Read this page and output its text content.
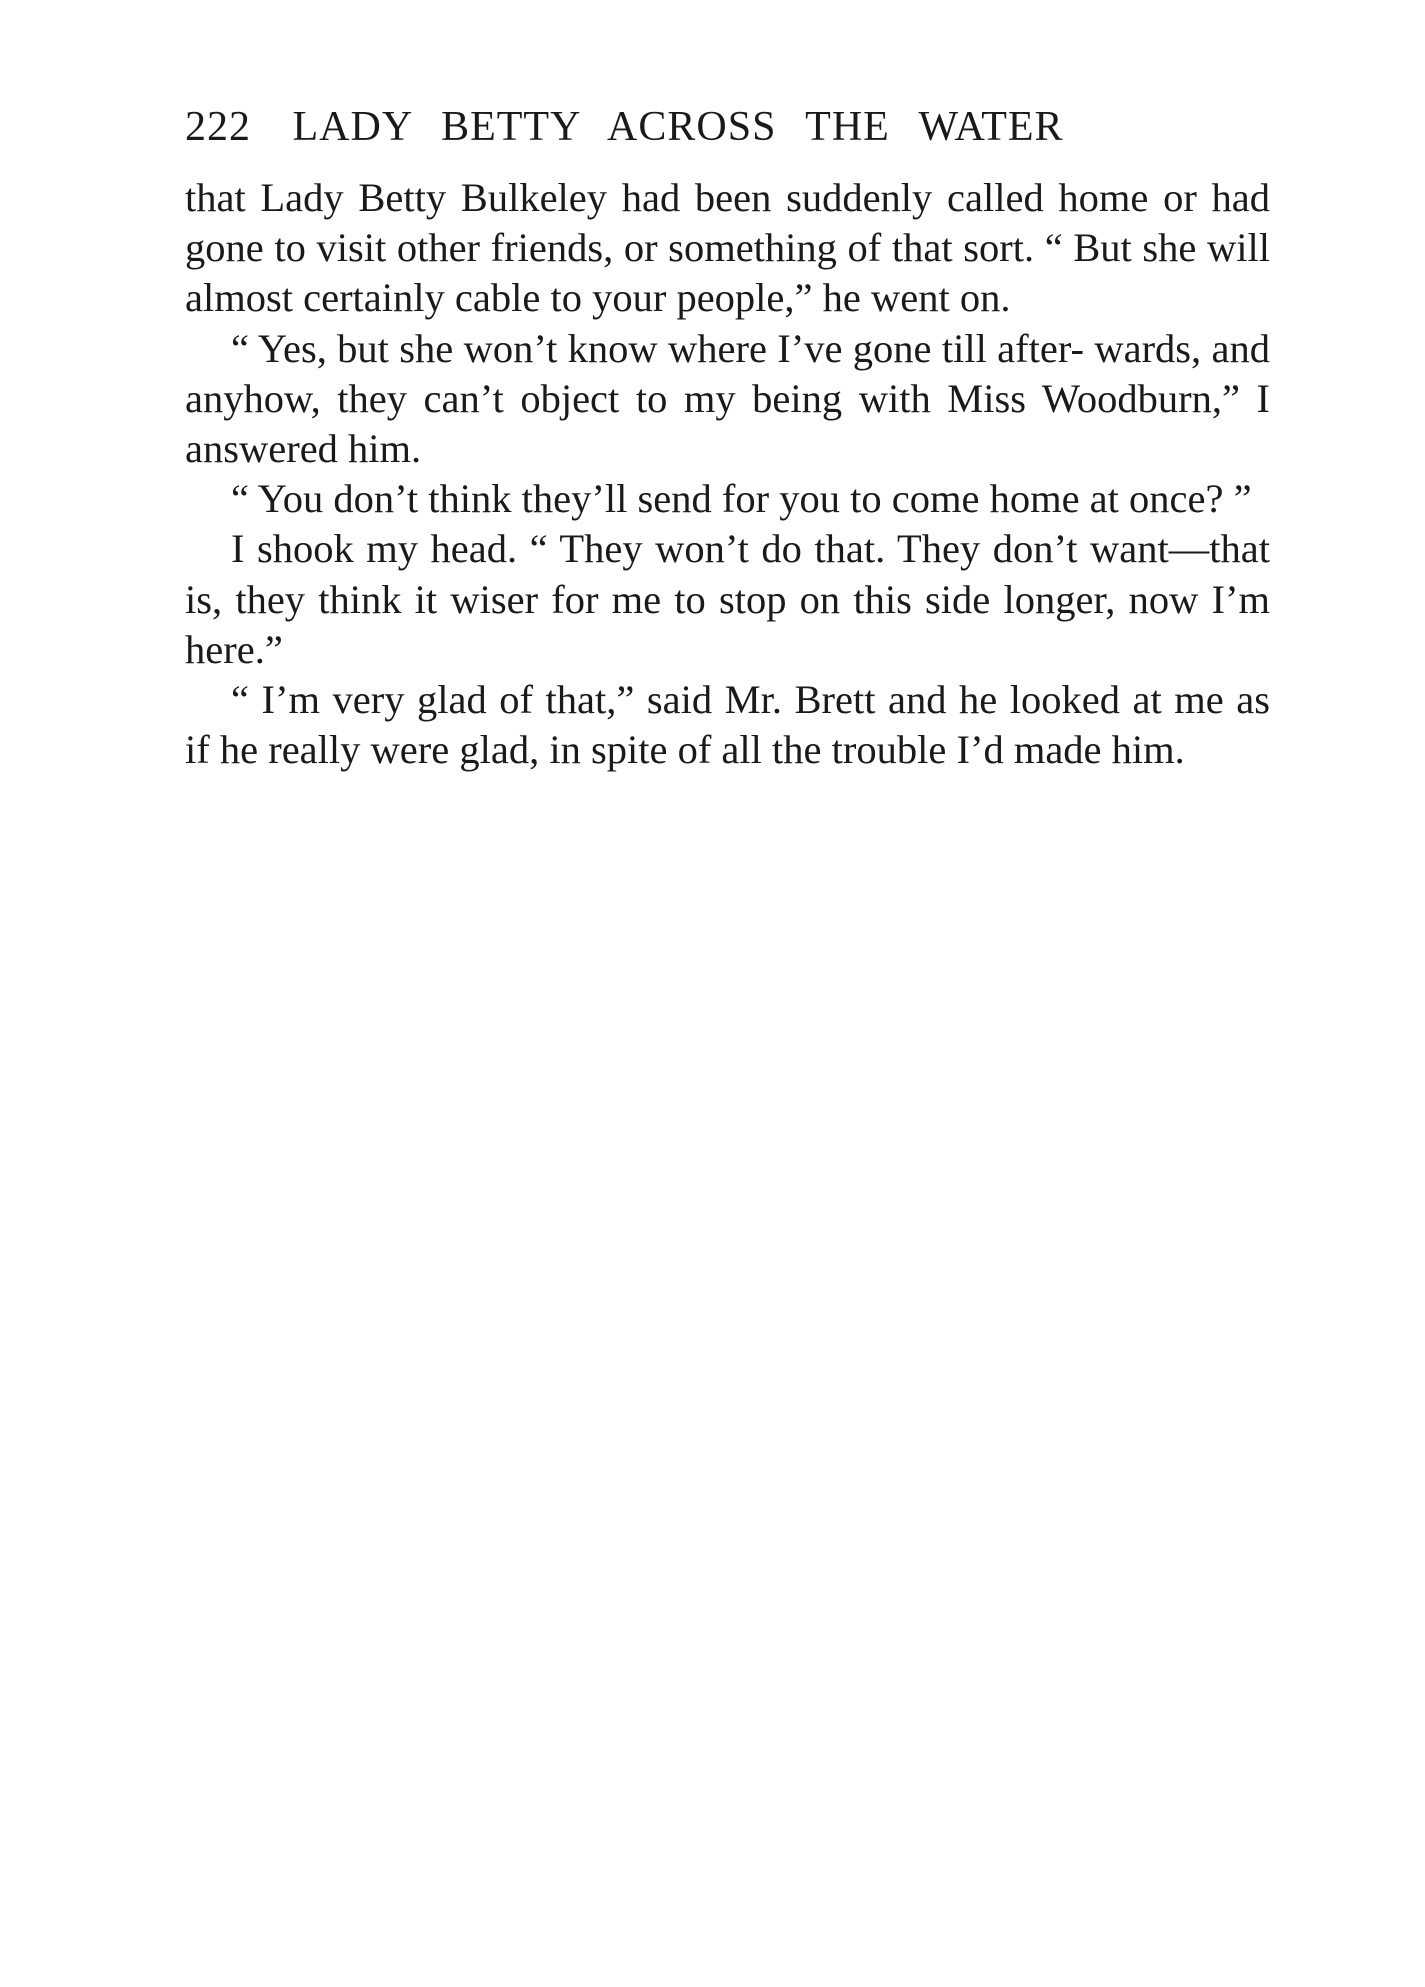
222 LADY BETTY ACROSS THE WATER

that Lady Betty Bulkeley had been suddenly called home or had gone to visit other friends, or something of that sort. “ But she will almost certainly cable to your people,” he went on.

“ Yes, but she won’t know where I’ve gone till after- wards, and anyhow, they can’t object to my being with Miss Woodburn,” I answered him.

“ You don’t think they’ll send for you to come home at once? ”

I shook my head. “ They won’t do that. They don’t want—that is, they think it wiser for me to stop on this side longer, now I’m here.”

“ I’m very glad of that,” said Mr. Brett and he looked at me as if he really were glad, in spite of all the trouble I’d made him.
